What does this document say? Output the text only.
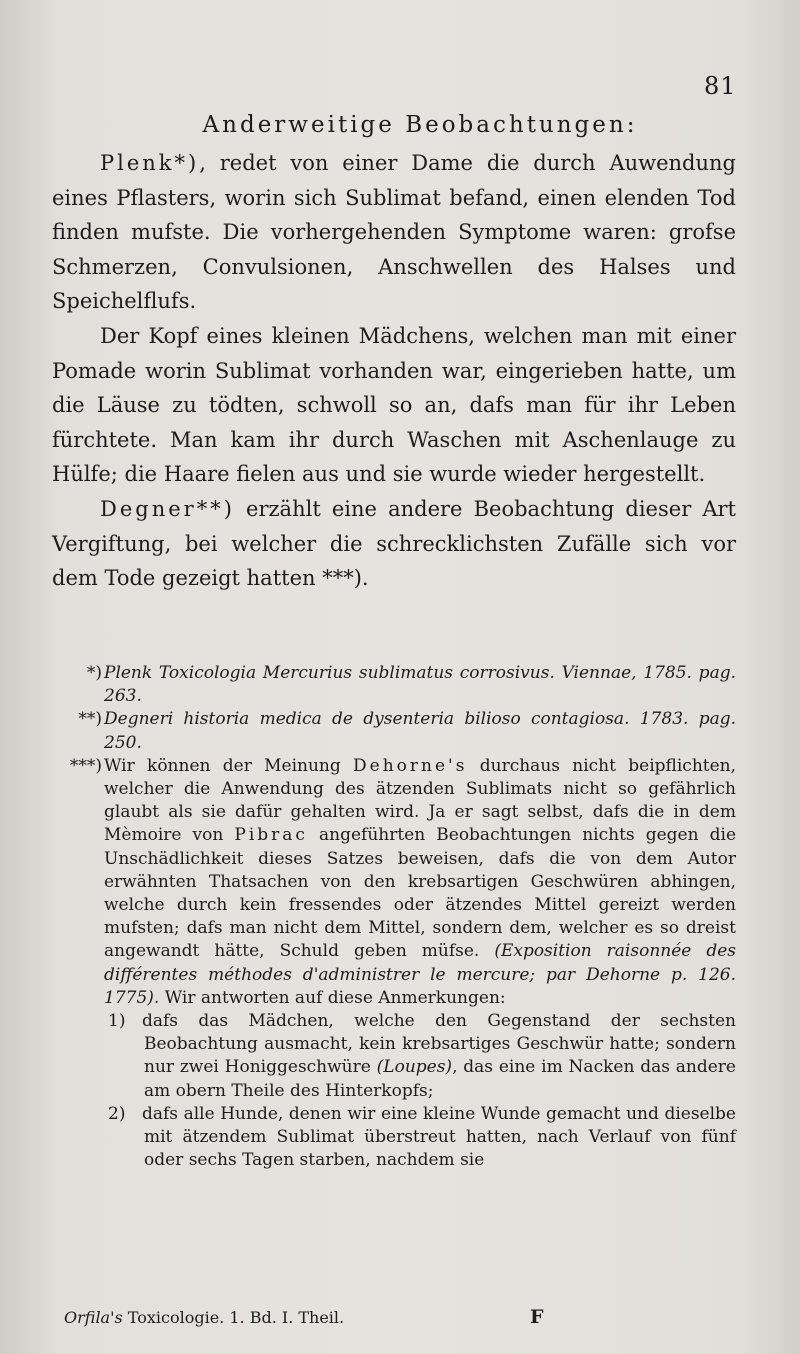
81
Anderweitige Beobachtungen:

Plenk*), redet von einer Dame die durch Auwendung eines Pflasters, worin sich Sublimat befand, einen elenden Tod finden mufste. Die vorhergehenden Symptome waren: grofse Schmerzen, Convulsionen, Anschwellen des Halses und Speichelflufs.

Der Kopf eines kleinen Mädchens, welchen man mit einer Pomade worin Sublimat vorhanden war, eingerieben hatte, um die Läuse zu tödten, schwoll so an, dafs man für ihr Leben fürchtete. Man kam ihr durch Waschen mit Aschenlauge zu Hülfe; die Haare fielen aus und sie wurde wieder hergestellt.

Degner**) erzählt eine andere Beobachtung dieser Art Vergiftung, bei welcher die schrecklichsten Zufälle sich vor dem Tode gezeigt hatten ***).

*) Plenk Toxicologia Mercurius sublimatus corrosivus. Viennae, 1785. pag. 263.

**) Degneri historia medica de dysenteria bilioso contagiosa. 1783. pag. 250.

***) Wir können der Meinung Dehorne's durchaus nicht beipflichten, welcher die Anwendung des ätzenden Sublimats nicht so gefährlich glaubt als sie dafür gehalten wird. Ja er sagt selbst, dafs die in dem Mèmoire von Pibrac angeführten Beobachtungen nichts gegen die Unschädlichkeit dieses Satzes beweisen, dafs die von dem Autor erwähnten Thatsachen von den krebsartigen Geschwüren abhingen, welche durch kein fressendes oder ätzendes Mittel gereizt werden mufsten; dafs man nicht dem Mittel, sondern dem, welcher es so dreist angewandt hätte, Schuld geben müfse. (Exposition raisonnée des différentes méthodes d'administrer le mercure; par Dehorne p. 126. 1775). Wir antworten auf diese Anmerkungen:

1) dafs das Mädchen, welche den Gegenstand der sechsten Beobachtung ausmacht, kein krebsartiges Geschwür hatte; sondern nur zwei Honiggeschwüre (Loupes), das eine im Nacken das andere am obern Theile des Hinterkopfs;

2) dafs alle Hunde, denen wir eine kleine Wunde gemacht und dieselbe mit ätzendem Sublimat überstreut hatten, nach Verlauf von fünf oder sechs Tagen starben, nachdem sie

Orfila's Toxicologie. 1. Bd. I. Theil.	F
